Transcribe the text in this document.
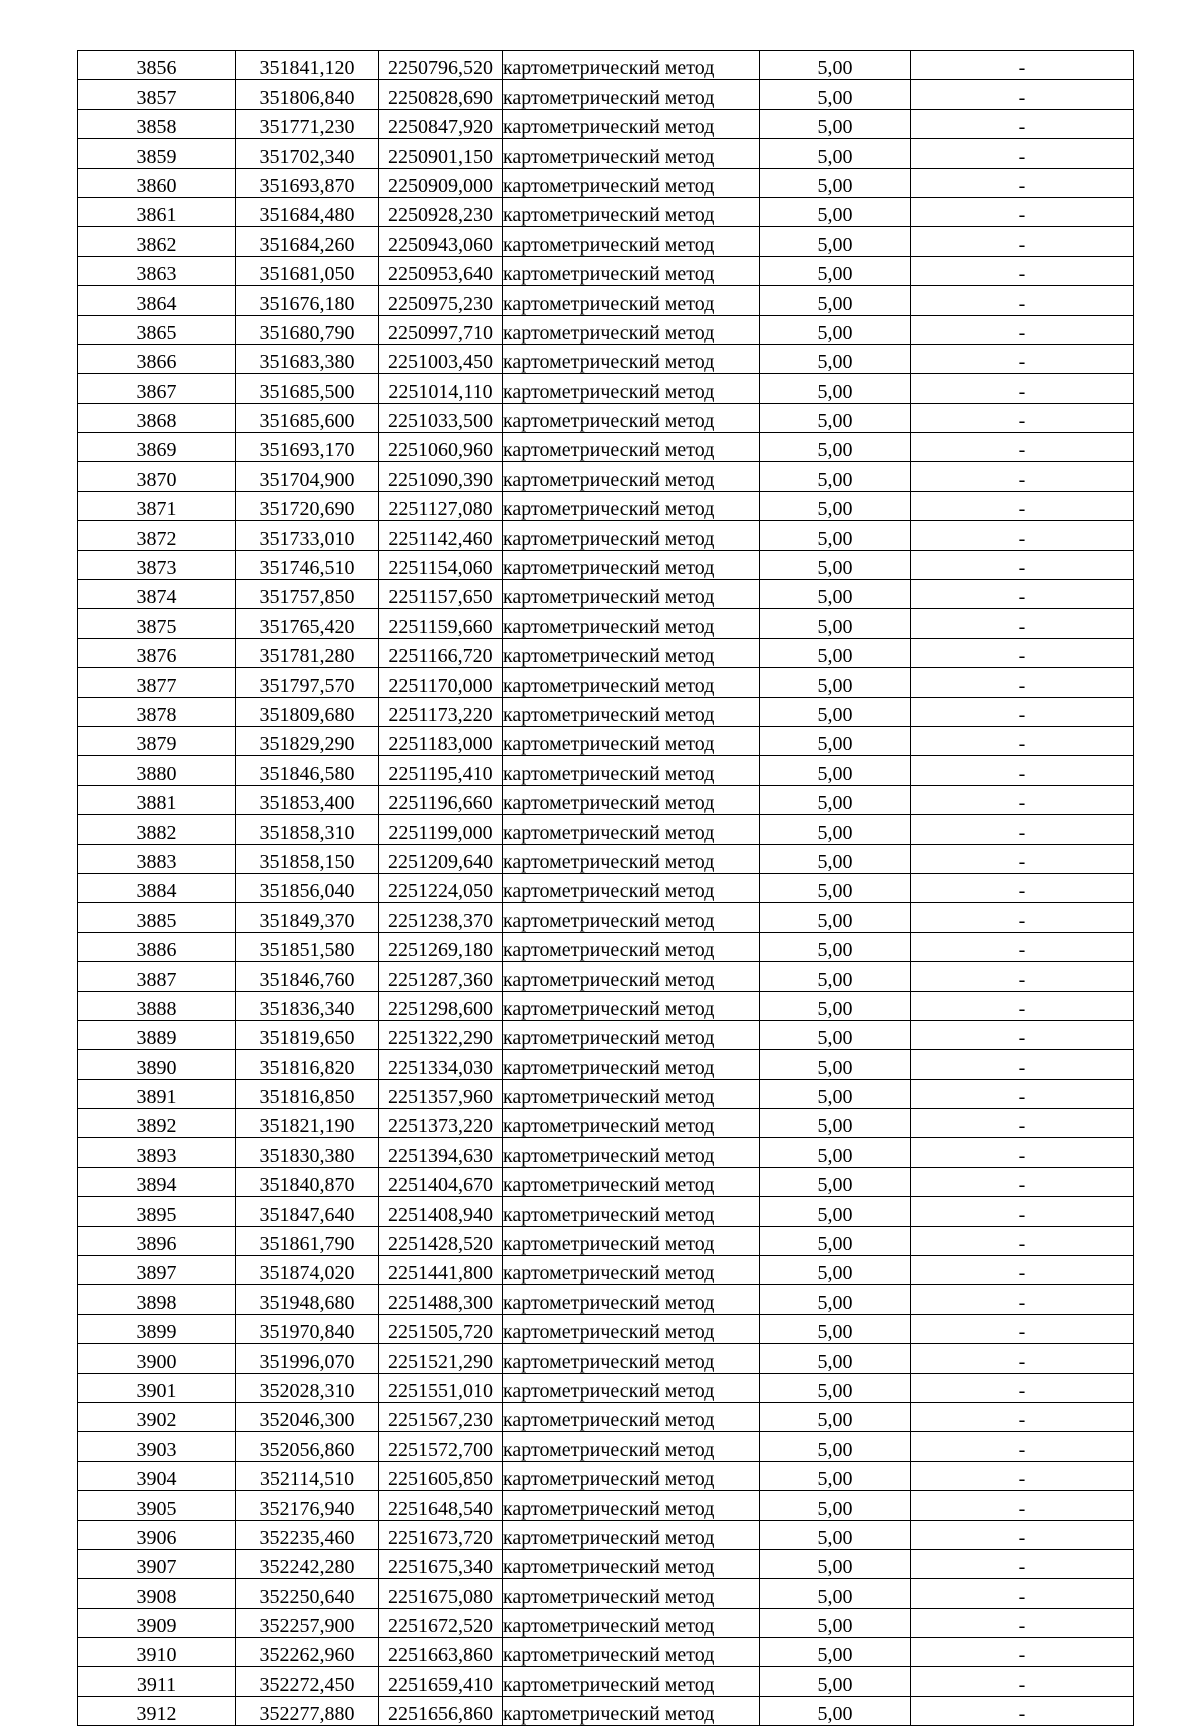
3856	351841,120	2250796,520	картометрический метод	5,00	-
3857	351806,840	2250828,690	картометрический метод	5,00	-
3858	351771,230	2250847,920	картометрический метод	5,00	-
3859	351702,340	2250901,150	картометрический метод	5,00	-
3860	351693,870	2250909,000	картометрический метод	5,00	-
3861	351684,480	2250928,230	картометрический метод	5,00	-
3862	351684,260	2250943,060	картометрический метод	5,00	-
3863	351681,050	2250953,640	картометрический метод	5,00	-
3864	351676,180	2250975,230	картометрический метод	5,00	-
3865	351680,790	2250997,710	картометрический метод	5,00	-
3866	351683,380	2251003,450	картометрический метод	5,00	-
3867	351685,500	2251014,110	картометрический метод	5,00	-
3868	351685,600	2251033,500	картометрический метод	5,00	-
3869	351693,170	2251060,960	картометрический метод	5,00	-
3870	351704,900	2251090,390	картометрический метод	5,00	-
3871	351720,690	2251127,080	картометрический метод	5,00	-
3872	351733,010	2251142,460	картометрический метод	5,00	-
3873	351746,510	2251154,060	картометрический метод	5,00	-
3874	351757,850	2251157,650	картометрический метод	5,00	-
3875	351765,420	2251159,660	картометрический метод	5,00	-
3876	351781,280	2251166,720	картометрический метод	5,00	-
3877	351797,570	2251170,000	картометрический метод	5,00	-
3878	351809,680	2251173,220	картометрический метод	5,00	-
3879	351829,290	2251183,000	картометрический метод	5,00	-
3880	351846,580	2251195,410	картометрический метод	5,00	-
3881	351853,400	2251196,660	картометрический метод	5,00	-
3882	351858,310	2251199,000	картометрический метод	5,00	-
3883	351858,150	2251209,640	картометрический метод	5,00	-
3884	351856,040	2251224,050	картометрический метод	5,00	-
3885	351849,370	2251238,370	картометрический метод	5,00	-
3886	351851,580	2251269,180	картометрический метод	5,00	-
3887	351846,760	2251287,360	картометрический метод	5,00	-
3888	351836,340	2251298,600	картометрический метод	5,00	-
3889	351819,650	2251322,290	картометрический метод	5,00	-
3890	351816,820	2251334,030	картометрический метод	5,00	-
3891	351816,850	2251357,960	картометрический метод	5,00	-
3892	351821,190	2251373,220	картометрический метод	5,00	-
3893	351830,380	2251394,630	картометрический метод	5,00	-
3894	351840,870	2251404,670	картометрический метод	5,00	-
3895	351847,640	2251408,940	картометрический метод	5,00	-
3896	351861,790	2251428,520	картометрический метод	5,00	-
3897	351874,020	2251441,800	картометрический метод	5,00	-
3898	351948,680	2251488,300	картометрический метод	5,00	-
3899	351970,840	2251505,720	картометрический метод	5,00	-
3900	351996,070	2251521,290	картометрический метод	5,00	-
3901	352028,310	2251551,010	картометрический метод	5,00	-
3902	352046,300	2251567,230	картометрический метод	5,00	-
3903	352056,860	2251572,700	картометрический метод	5,00	-
3904	352114,510	2251605,850	картометрический метод	5,00	-
3905	352176,940	2251648,540	картометрический метод	5,00	-
3906	352235,460	2251673,720	картометрический метод	5,00	-
3907	352242,280	2251675,340	картометрический метод	5,00	-
3908	352250,640	2251675,080	картометрический метод	5,00	-
3909	352257,900	2251672,520	картометрический метод	5,00	-
3910	352262,960	2251663,860	картометрический метод	5,00	-
3911	352272,450	2251659,410	картометрический метод	5,00	-
3912	352277,880	2251656,860	картометрический метод	5,00	-
